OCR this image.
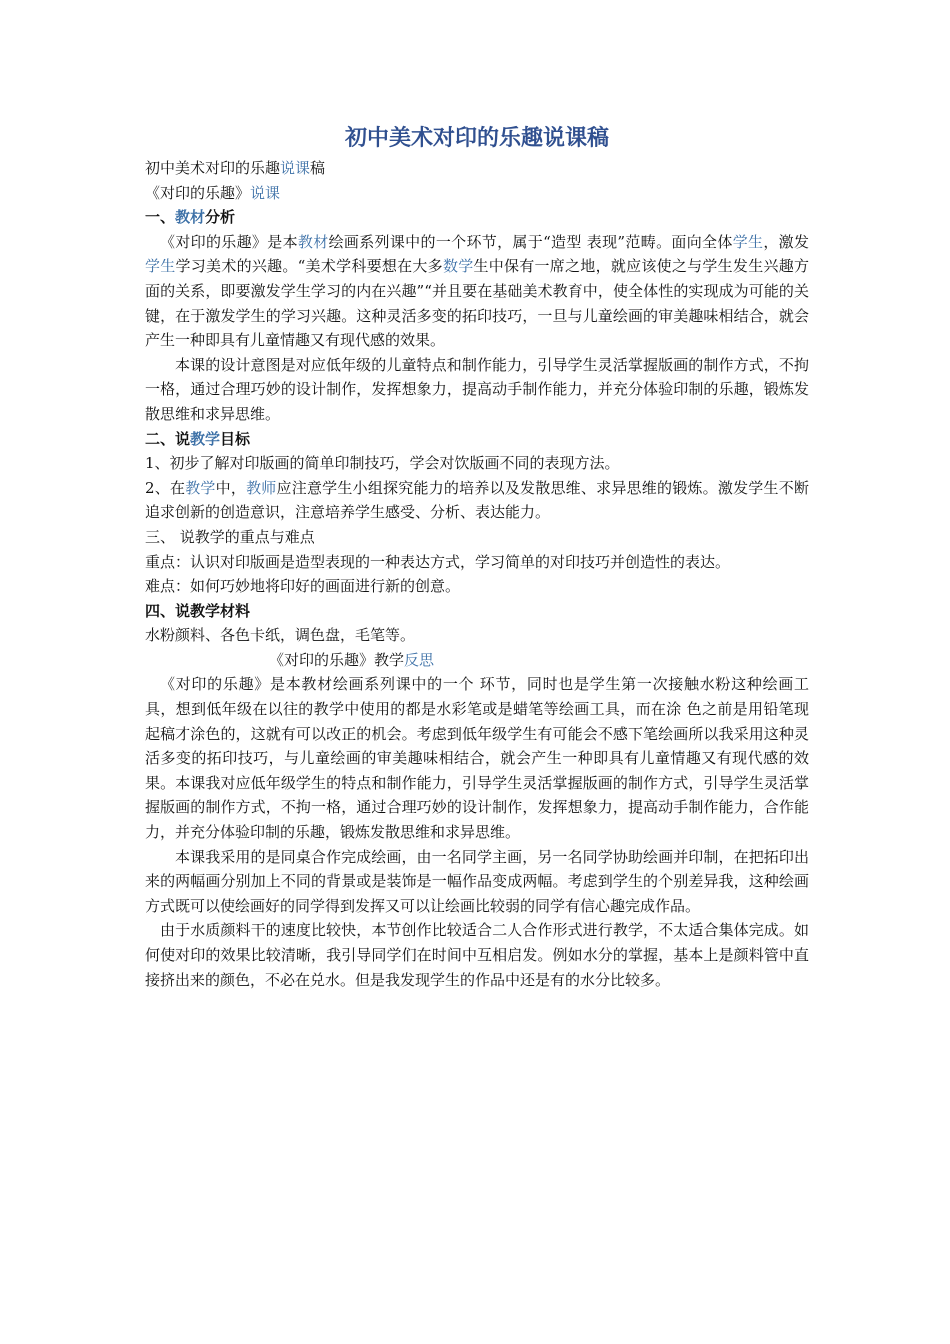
初中美术对印的乐趣说课稿
初中美术对印的乐趣说课稿
《对印的乐趣》说课
一、教材分析

《对印的乐趣》是本教材绘画系列课中的一个环节，属于“造型 表现”范畴。面向全体学生，激发学生学习美术的兴趣。“美术学科要想在大多数学生中保有一席之地，就应该使之与学生发生兴趣方面的关系，即要激发学生学习的内在兴趣”“并且要在基础美术教育中，使全体性的实现成为可能的关键，在于激发学生的学习兴趣。这种灵活多变的拓印技巧，一旦与儿童绘画的审美趣味相结合，就会产生一种即具有儿童情趣又有现代感的效果。

本课的设计意图是对应低年级的儿童特点和制作能力，引导学生灵活掌握版画的制作方式，不拘一格，通过合理巧妙的设计制作，发挥想象力，提高动手制作能力，并充分体验印制的乐趣，锻炼发散思维和求异思维。

二、说教学目标

1、初步了解对印版画的简单印制技巧，学会对饮版画不同的表现方法。

2、在教学中，教师应注意学生小组探究能力的培养以及发散思维、求异思维的锻炼。激发学生不断追求创新的创造意识，注意培养学生感受、分析、表达能力。

三、 说教学的重点与难点

重点：认识对印版画是造型表现的一种表达方式，学习简单的对印技巧并创造性的表达。

难点：如何巧妙地将印好的画面进行新的创意。

四、说教学材料
水粉颜料、各色卡纸，调色盘，毛笔等。
《对印的乐趣》教学反思

《对印的乐趣》是本教材绘画系列课中的一个 环节，同时也是学生第一次接触水粉这种绘画工具，想到低年级在以往的教学中使用的都是水彩笔或是蜡笔等绘画工具，而在涂 色之前是用铅笔现起稿才涂色的，这就有可以改正的机会。考虑到低年级学生有可能会不感下笔绘画所以我采用这种灵活多变的拓印技巧，与儿童绘画的审美趣味相结合，就会产生一种即具有儿童情趣又有现代感的效果。本课我对应低年级学生的特点和制作能力，引导学生灵活掌握版画的制作方式，引导学生灵活掌握版画的制作方式，不拘一格，通过合理巧妙的设计制作，发挥想象力，提高动手制作能力，合作能力，并充分体验印制的乐趣，锻炼发散思维和求异思维。

本课我采用的是同桌合作完成绘画，由一名同学主画，另一名同学协助绘画并印制，在把拓印出来的两幅画分别加上不同的背景或是装饰是一幅作品变成两幅。考虑到学生的个别差异我，这种绘画方式既可以使绘画好的同学得到发挥又可以让绘画比较弱的同学有信心趣完成作品。

由于水质颜料干的速度比较快，本节创作比较适合二人合作形式进行教学，不太适合集体完成。如何使对印的效果比较清晰，我引导同学们在时间中互相启发。例如水分的掌握，基本上是颜料管中直接挤出来的颜色，不必在兑水。但是我发现学生的作品中还是有的水分比较多。
